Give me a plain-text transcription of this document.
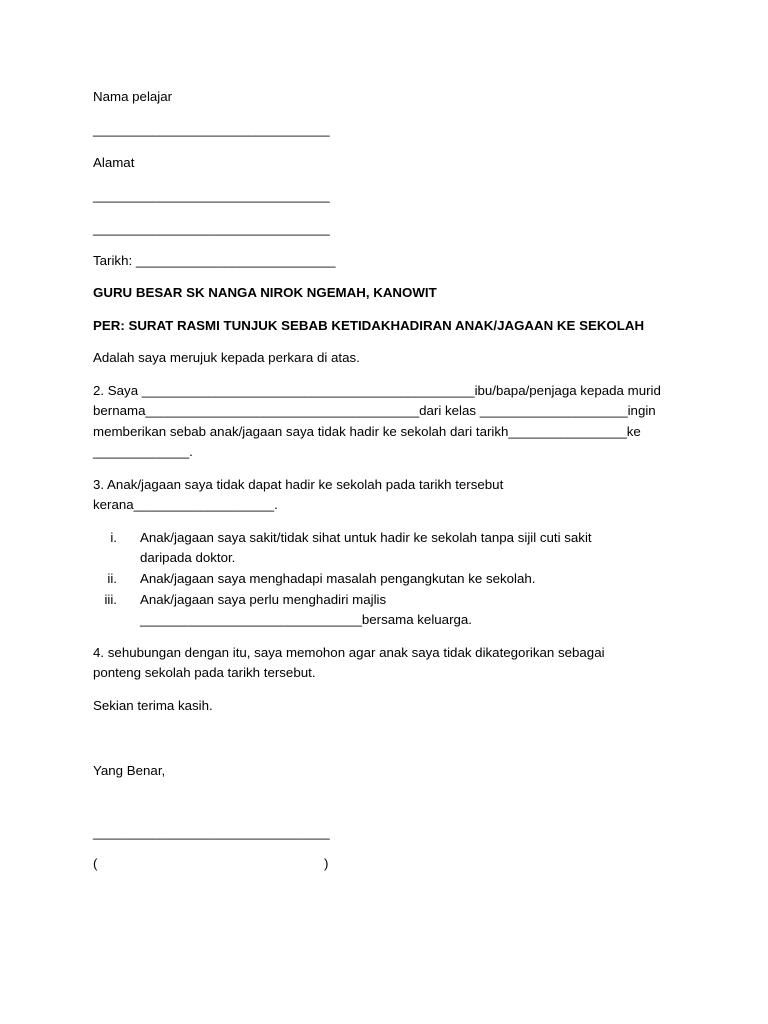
Nama pelajar
________________________________
Alamat
________________________________
________________________________
Tarikh: ___________________________
GURU BESAR SK NANGA NIROK NGEMAH, KANOWIT
PER: SURAT RASMI TUNJUK SEBAB KETIDAKHADIRAN ANAK/JAGAAN KE SEKOLAH
Adalah saya merujuk kepada perkara di atas.
2. Saya _____________________________________________ibu/bapa/penjaga kepada murid
bernama_____________________________________dari kelas ____________________ingin
memberikan sebab anak/jagaan saya tidak hadir ke sekolah dari tarikh________________ke
_____________.
3. Anak/jagaan saya tidak dapat hadir ke sekolah pada tarikh tersebut
kerana___________________.
i. Anak/jagaan saya sakit/tidak sihat untuk hadir ke sekolah tanpa sijil cuti sakit
daripada doktor.
ii. Anak/jagaan saya menghadapi masalah pengangkutan ke sekolah.
iii. Anak/jagaan saya perlu menghadiri majlis
______________________________bersama keluarga.
4. sehubungan dengan itu, saya memohon agar anak saya tidak dikategorikan sebagai
ponteng sekolah pada tarikh tersebut.
Sekian terima kasih.
Yang Benar,
________________________________
(	)
